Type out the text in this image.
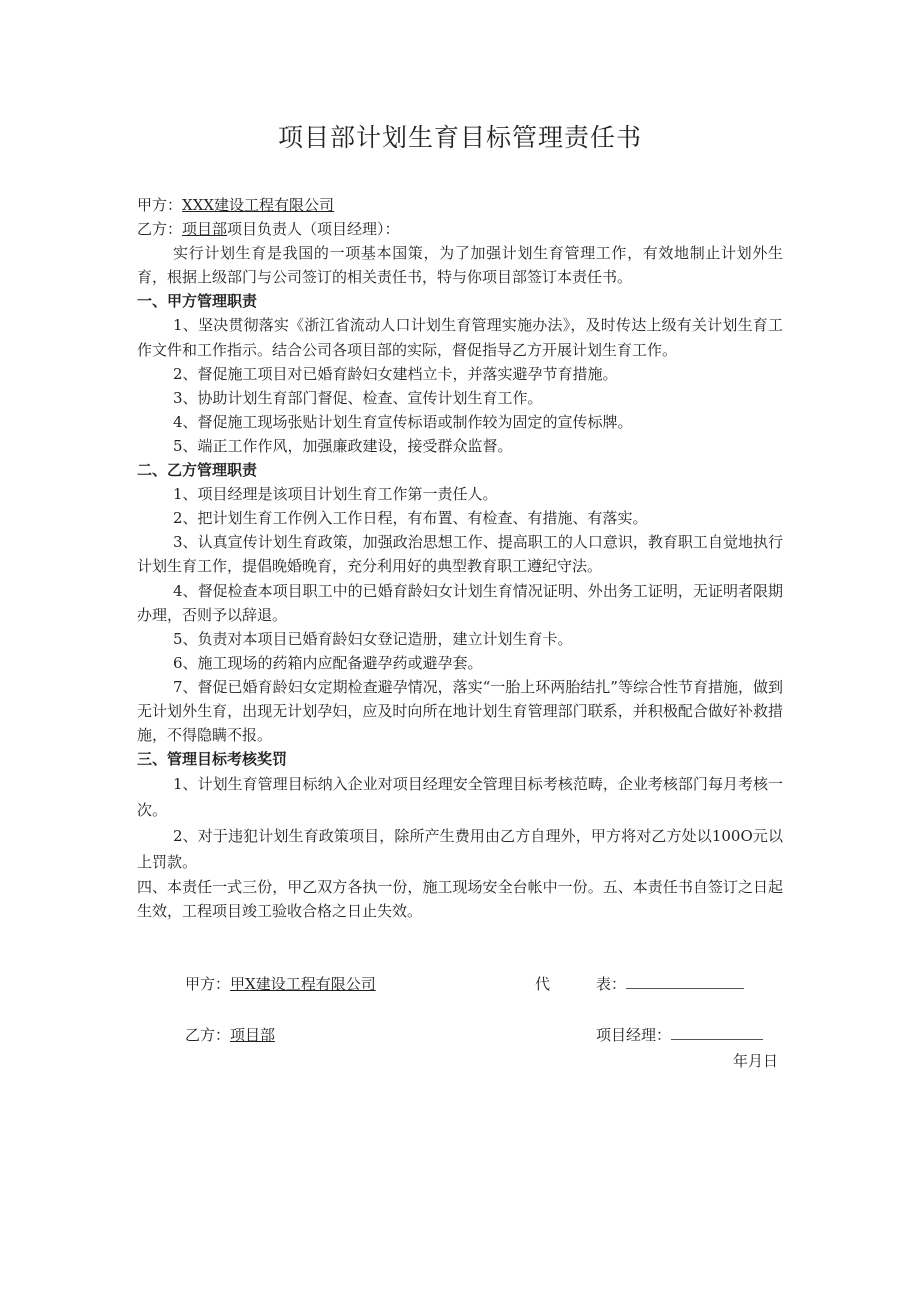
项目部计划生育目标管理责任书
甲方：XXX建设工程有限公司
乙方：项目部项目负责人（项目经理）：
实行计划生育是我国的一项基本国策，为了加强计划生育管理工作，有效地制止计划外生育，根据上级部门与公司签订的相关责任书，特与你项目部签订本责任书。
一、甲方管理职责
1、坚决贯彻落实《浙江省流动人口计划生育管理实施办法》，及时传达上级有关计划生育工作文件和工作指示。结合公司各项目部的实际，督促指导乙方开展计划生育工作。
2、督促施工项目对已婚育龄妇女建档立卡，并落实避孕节育措施。
3、协助计划生育部门督促、检查、宣传计划生育工作。
4、督促施工现场张贴计划生育宣传标语或制作较为固定的宣传标牌。
5、端正工作作风，加强廉政建设，接受群众监督。
二、乙方管理职责
1、项目经理是该项目计划生育工作第一责任人。
2、把计划生育工作例入工作日程，有布置、有检查、有措施、有落实。
3、认真宣传计划生育政策，加强政治思想工作、提高职工的人口意识，教育职工自觉地执行计划生育工作，提倡晚婚晚育，充分利用好的典型教育职工遵纪守法。
4、督促检查本项目职工中的已婚育龄妇女计划生育情况证明、外出务工证明，无证明者限期办理，否则予以辞退。
5、负责对本项目已婚育龄妇女登记造册，建立计划生育卡。
6、施工现场的药箱内应配备避孕药或避孕套。
7、督促已婚育龄妇女定期检查避孕情况，落实“一胎上环两胎结扎”等综合性节育措施，做到无计划外生育，出现无计划孕妇，应及时向所在地计划生育管理部门联系，并积极配合做好补救措施，不得隐瞒不报。
三、管理目标考核奖罚
1、计划生育管理目标纳入企业对项目经理安全管理目标考核范畴，企业考核部门每月考核一次。
2、对于违犯计划生育政策项目，除所产生费用由乙方自理外，甲方将对乙方处以100O元以上罚款。
四、本责任一式三份，甲乙双方各执一份，施工现场安全台帐中一份。五、本责任书自签订之日起生效，工程项目竣工验收合格之日止失效。
甲方：甲X建设工程有限公司	代	表：
乙方：项目部	项目经理：
年月日
